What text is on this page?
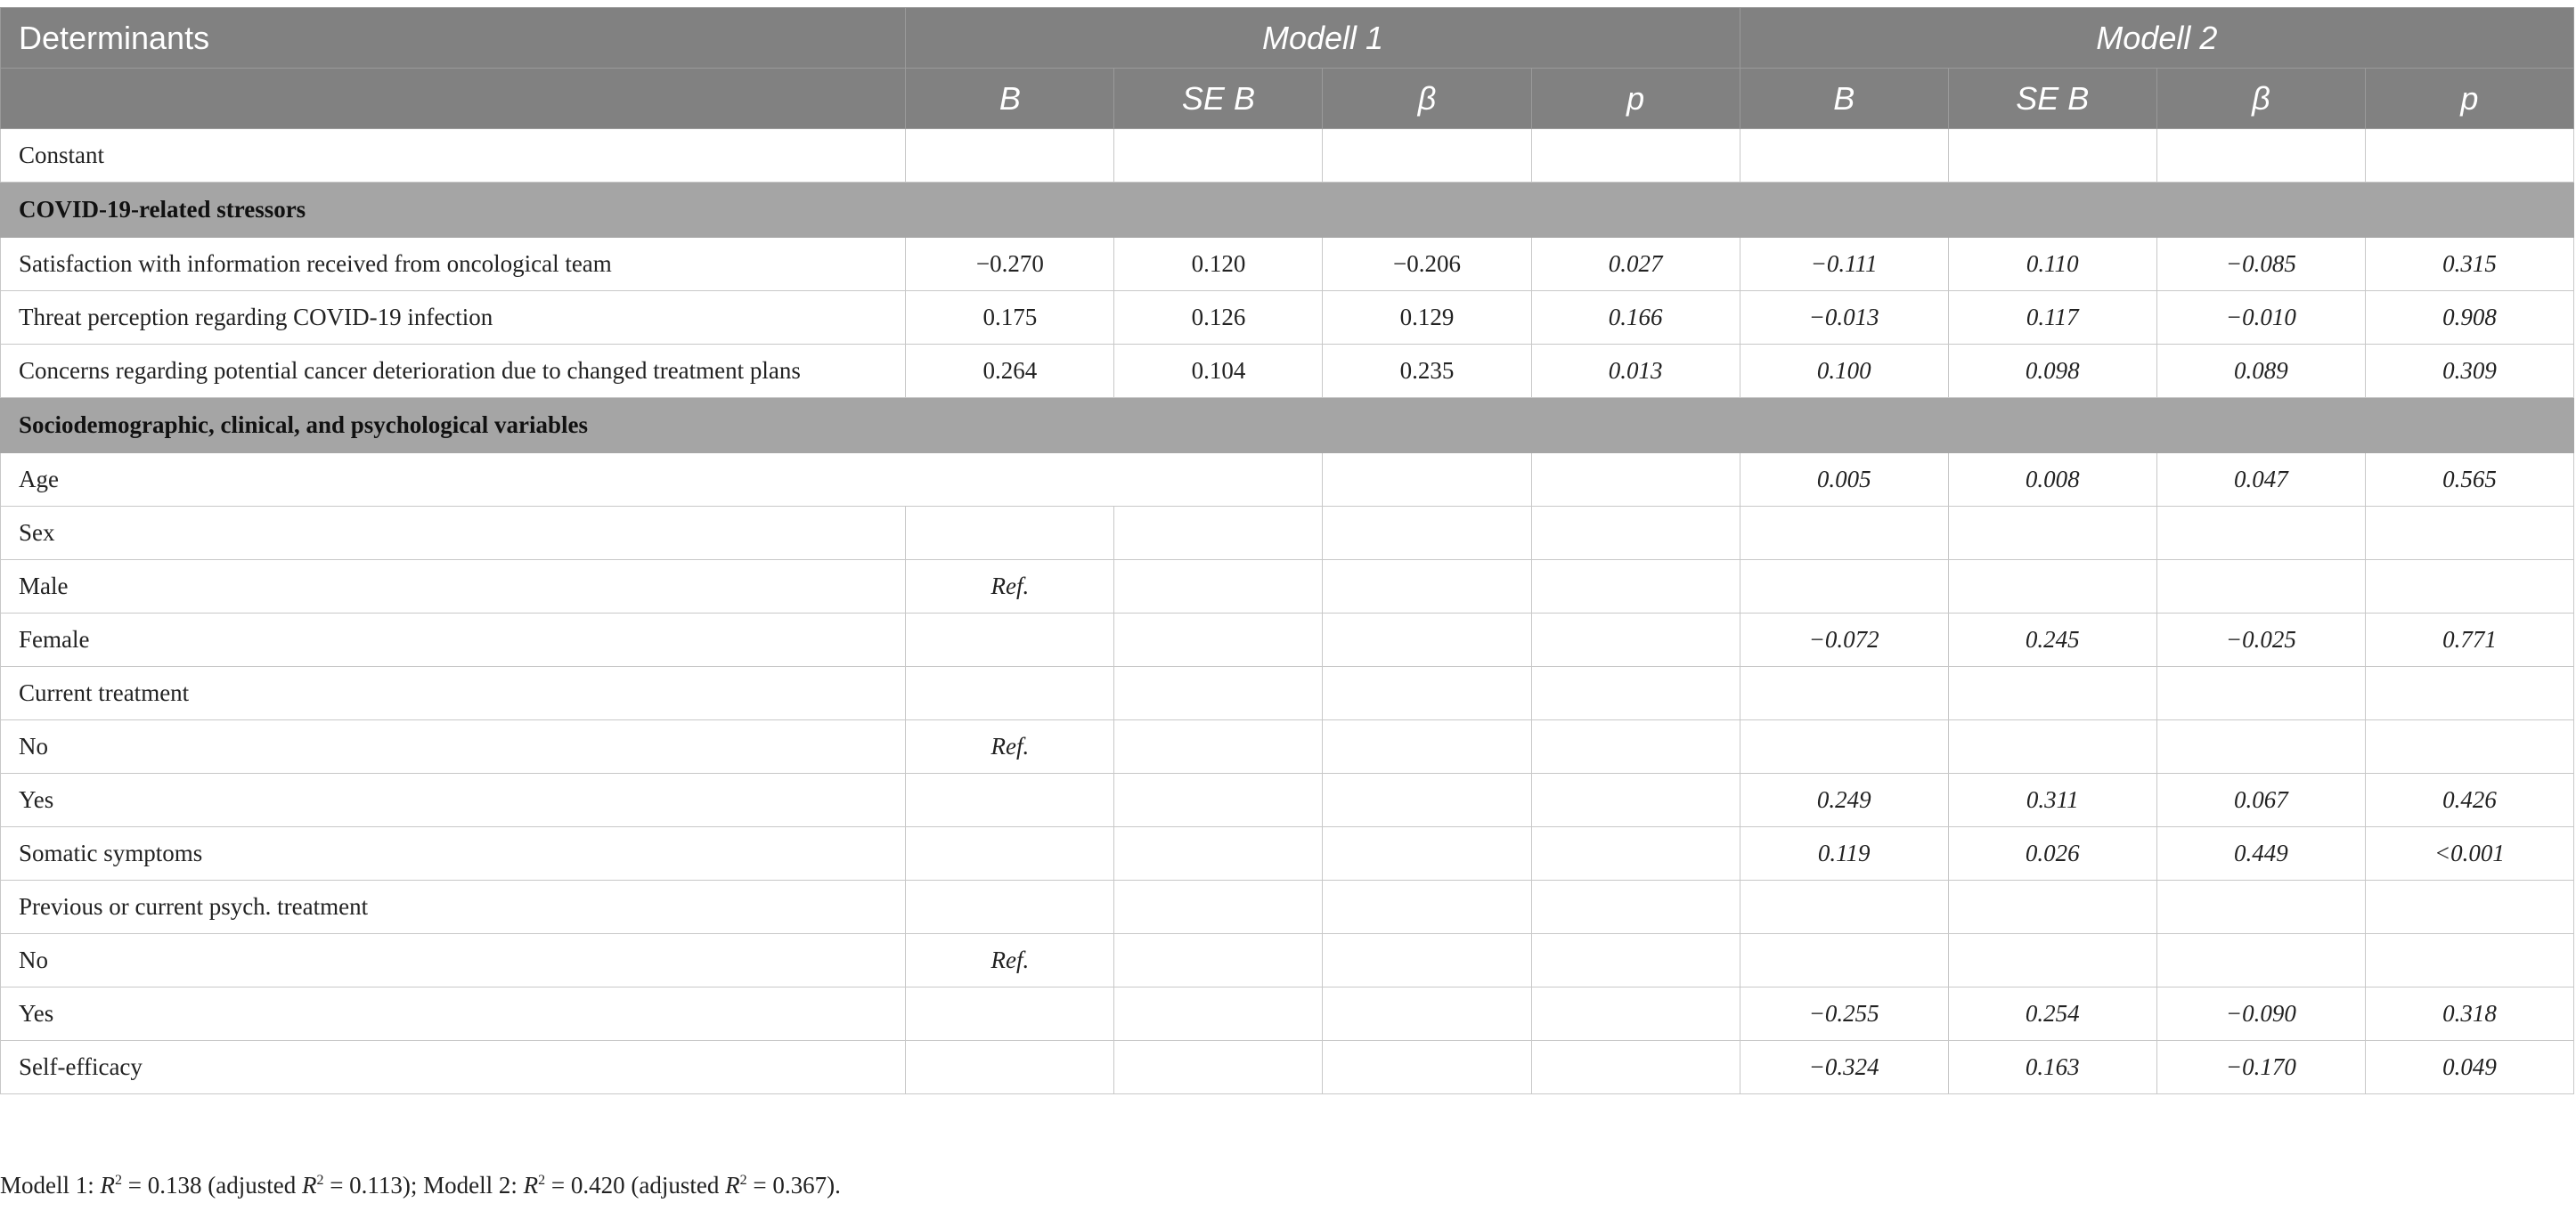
Determinants	Modell 1				Modell 2			
	B	SE B	β	p	B	SE B	β	p
Constant								
COVID-19-related stressors								
Satisfaction with information received from oncological team	−0.270	0.120	−0.206	0.027	−0.111	0.110	−0.085	0.315
Threat perception regarding COVID-19 infection	0.175	0.126	0.129	0.166	−0.013	0.117	−0.010	0.908
Concerns regarding potential cancer deterioration due to changed treatment plans	0.264	0.104	0.235	0.013	0.100	0.098	0.089	0.309
Sociodemographic, clinical, and psychological variables								
Age					0.005	0.008	0.047	0.565
Sex								
Male	Ref.							
Female					−0.072	0.245	−0.025	0.771
Current treatment								
No	Ref.							
Yes					0.249	0.311	0.067	0.426
Somatic symptoms					0.119	0.026	0.449	<0.001
Previous or current psych. treatment								
No	Ref.							
Yes					−0.255	0.254	−0.090	0.318
Self-efficacy					−0.324	0.163	−0.170	0.049
Modell 1: $R^2 = 0.138$ (adjusted $R^2 = 0.113$); Modell 2: $R^2 = 0.420$ (adjusted $R^2 = 0.367$).
